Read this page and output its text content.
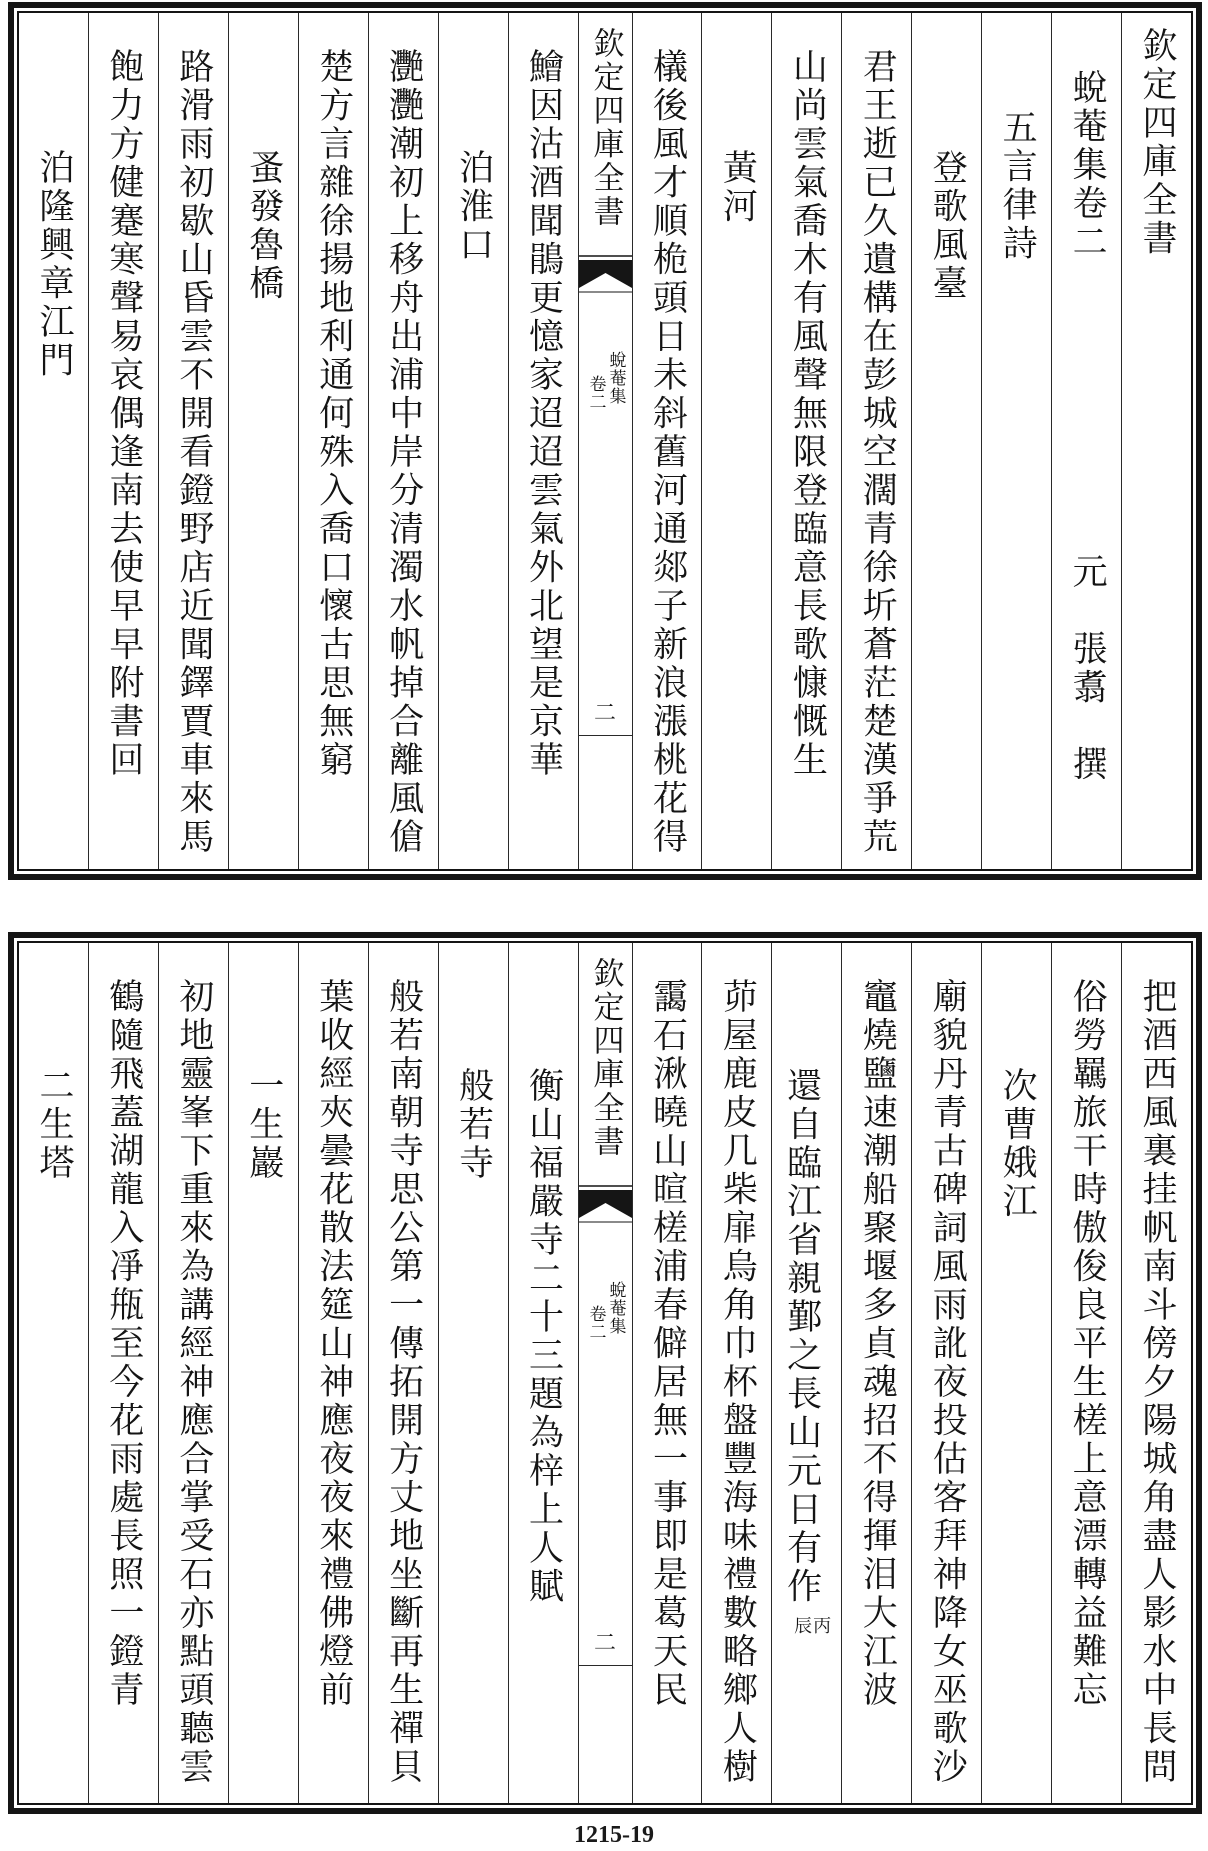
欽定四庫全書
蛻菴集卷二
元　張翥　撰
五言律詩
登歌風臺
君王逝已久遺構在彭城空濶青徐圻蒼茫楚漢爭荒
山尚雲氣喬木有風聲無限登臨意長歌慷慨生
黃河
檥後風才順桅頭日未斜舊河通郯子新浪漲桃花得
欽定四庫全書
蛻菴集
卷二
二
鱠因沽酒聞鵑更憶家迢迢雲氣外北望是京華
泊淮口
灧灧潮初上移舟出浦中岸分清濁水帆掉合離風傖
楚方言雜徐揚地利通何殊入喬口懷古思無窮
蚤發魯橋
路滑雨初歇山昏雲不開看鐙野店近聞鐸賈車來馬
飽力方健蹇寒聲易哀偶逢南去使早早附書回
泊隆興章江門
把酒西風裏挂帆南斗傍夕陽城角盡人影水中長問
俗勞羈旅干時傲俊良平生槎上意漂轉益難忘
次曹娥江
廟貌丹青古碑詞風雨訛夜投估客拜神降女巫歌沙
竈燒鹽速潮船聚堰多貞魂招不得揮泪大江波
還自臨江省親鄞之長山元日有作丙辰
茆屋鹿皮几柴扉烏角巾杯盤豐海味禮數略鄉人樹
靄石湫曉山暄槎浦春僻居無一事即是葛天民
欽定四庫全書
蛻菴集
卷二
二
衡山福嚴寺二十三題為梓上人賦
般若寺
般若南朝寺思公第一傳拓開方丈地坐斷再生禪貝
葉收經夾曇花散法筵山神應夜夜來禮佛燈前
一生巖
初地靈峯下重來為講經神應合掌受石亦點頭聽雲
鶴隨飛蓋湖龍入凈甁至今花雨處長照一鐙青
二生塔
1215-19
